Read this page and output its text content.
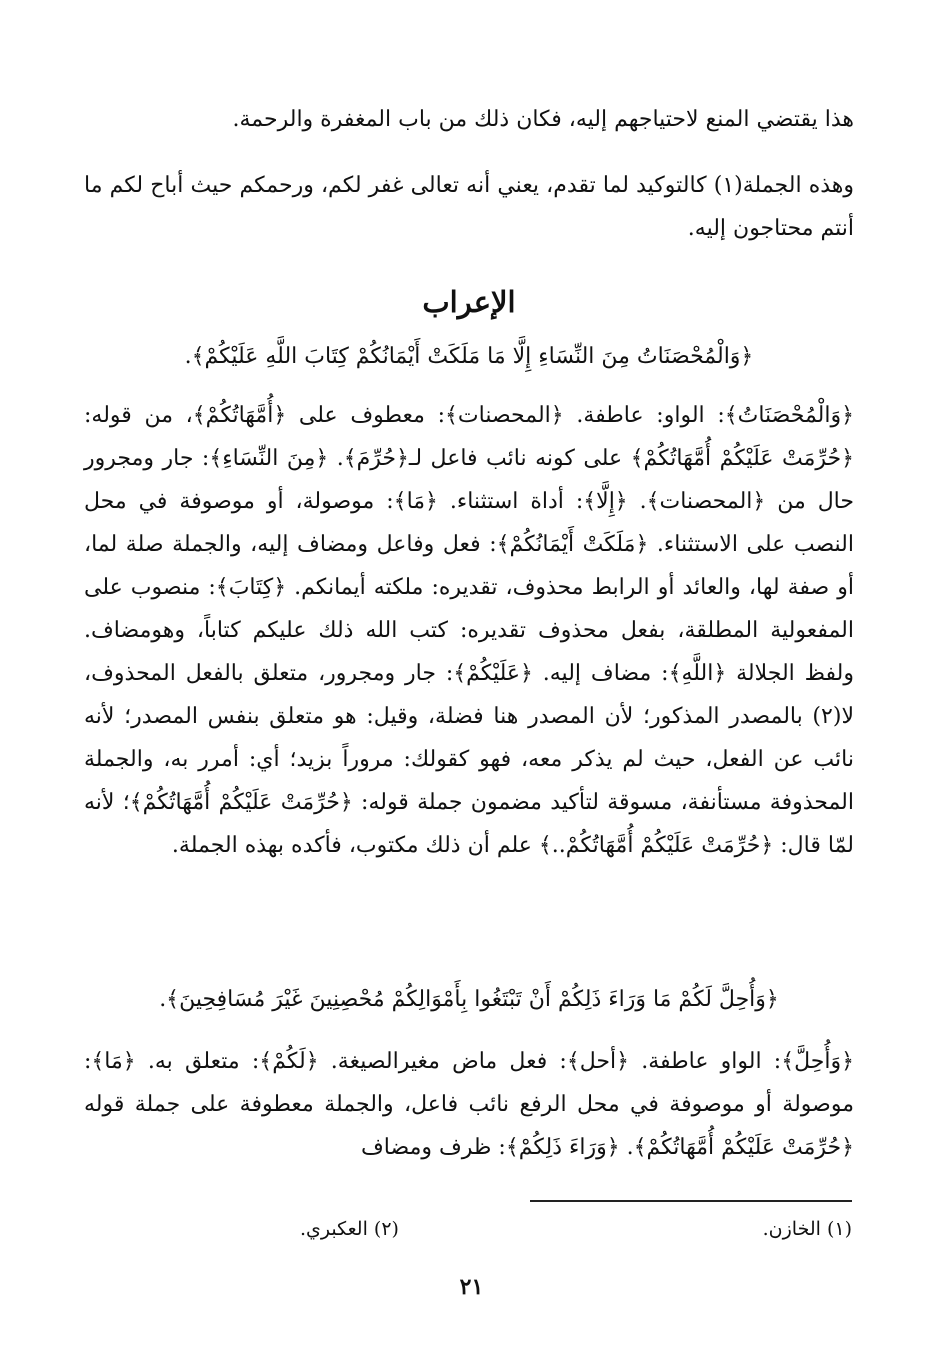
هذا يقتضي المنع لاحتياجهم إليه، فكان ذلك من باب المغفرة والرحمة.

وهذه الجملة(١) كالتوكيد لما تقدم، يعني أنه تعالى غفر لكم، ورحمكم حيث أباح لكم ما أنتم محتاجون إليه.

الإعراب

﴿وَالْمُحْصَنَاتُ مِنَ النِّسَاءِ إِلَّا مَا مَلَكَتْ أَيْمَانُكُمْ كِتَابَ اللَّهِ عَلَيْكُمْ﴾.

﴿وَالْمُحْصَنَاتُ﴾: الواو: عاطفة. ﴿المحصنات﴾: معطوف على ﴿أُمَّهَاتُكُمْ﴾، من قوله: ﴿حُرِّمَتْ عَلَيْكُمْ أُمَّهَاتُكُمْ﴾ على كونه نائب فاعل لـ﴿حُرِّمَ﴾. ﴿مِنَ النِّسَاءِ﴾: جار ومجرور حال من ﴿المحصنات﴾. ﴿إِلَّا﴾: أداة استثناء. ﴿مَا﴾: موصولة، أو موصوفة في محل النصب على الاستثناء. ﴿مَلَكَتْ أَيْمَانُكُمْ﴾: فعل وفاعل ومضاف إليه، والجملة صلة لما، أو صفة لها، والعائد أو الرابط محذوف، تقديره: ملكته أيمانكم. ﴿كِتَابَ﴾: منصوب على المفعولية المطلقة، بفعل محذوف تقديره: كتب الله ذلك عليكم كتاباً، وهومضاف. ولفظ الجلالة ﴿اللَّهِ﴾: مضاف إليه. ﴿عَلَيْكُمْ﴾: جار ومجرور، متعلق بالفعل المحذوف، لا(٢) بالمصدر المذكور؛ لأن المصدر هنا فضلة، وقيل: هو متعلق بنفس المصدر؛ لأنه نائب عن الفعل، حيث لم يذكر معه، فهو كقولك: مروراً بزيد؛ أي: أمرر به، والجملة المحذوفة مستأنفة، مسوقة لتأكيد مضمون جملة قوله: ﴿حُرِّمَتْ عَلَيْكُمْ أُمَّهَاتُكُمْ﴾؛ لأنه لمّا قال: ﴿حُرِّمَتْ عَلَيْكُمْ أُمَّهَاتُكُمْ..﴾ علم أن ذلك مكتوب، فأكده بهذه الجملة.

﴿وَأُحِلَّ لَكُمْ مَا وَرَاءَ ذَلِكُمْ أَنْ تَبْتَغُوا بِأَمْوَالِكُمْ مُحْصِنِينَ غَيْرَ مُسَافِحِينَ﴾.

﴿وَأُحِلَّ﴾: الواو عاطفة. ﴿أحل﴾: فعل ماض مغيرالصيغة. ﴿لَكُمْ﴾: متعلق به. ﴿مَا﴾: موصولة أو موصوفة في محل الرفع نائب فاعل، والجملة معطوفة على جملة قوله ﴿حُرِّمَتْ عَلَيْكُمْ أُمَّهَاتُكُمْ﴾. ﴿وَرَاءَ ذَلِكُمْ﴾: ظرف ومضاف

(١) الخازن.
(٢) العكبري.
٢١
